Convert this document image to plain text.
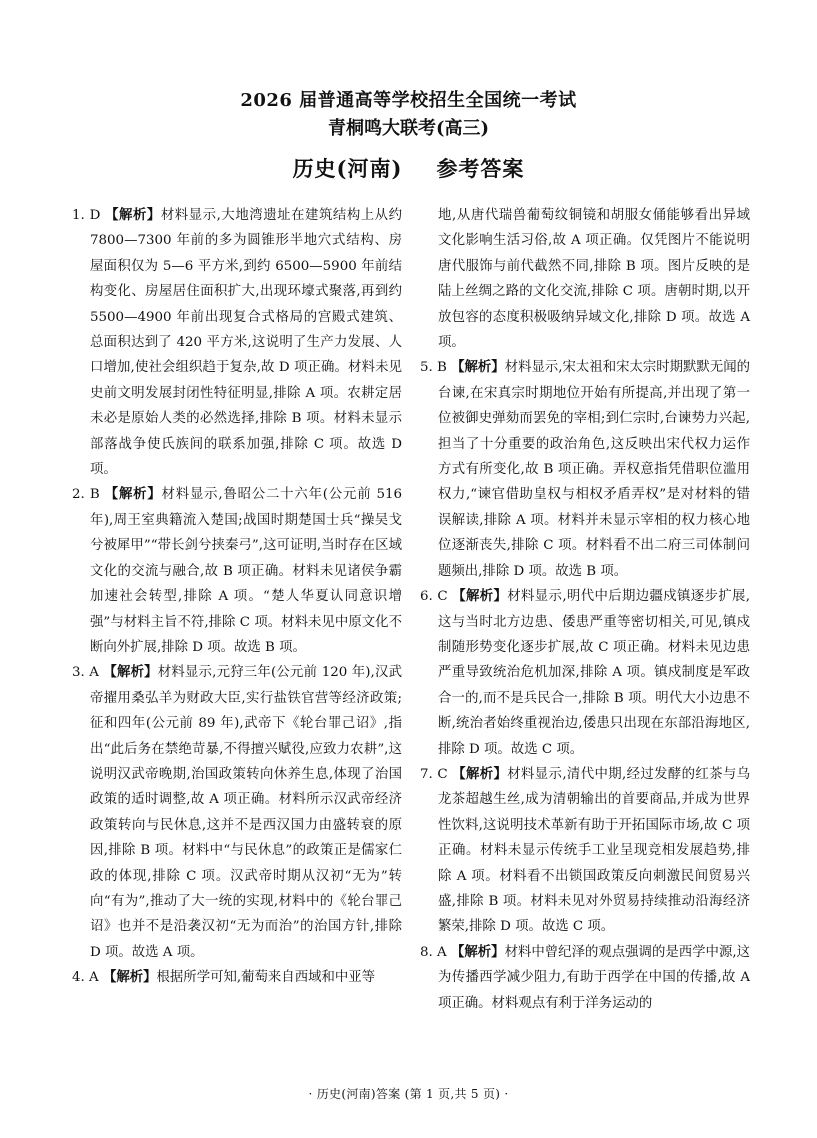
2026 届普通高等学校招生全国统一考试
青桐鸣大联考(高三)
历史(河南) 参考答案

1. D 【解析】材料显示,大地湾遗址在建筑结构上从约 7800—7300 年前的多为圆锥形半地穴式结构、房屋面积仅为 5—6 平方米,到约 6500—5900 年前结构变化、房屋居住面积扩大,出现环壕式聚落,再到约 5500—4900 年前出现复合式格局的宫殿式建筑、总面积达到了 420 平方米,这说明了生产力发展、人口增加,使社会组织趋于复杂,故 D 项正确。材料未见史前文明发展封闭性特征明显,排除 A 项。农耕定居未必是原始人类的必然选择,排除 B 项。材料未显示部落战争使氏族间的联系加强,排除 C 项。故选 D 项。

2. B 【解析】材料显示,鲁昭公二十六年(公元前 516 年),周王室典籍流入楚国;战国时期楚国士兵“操吴戈兮被犀甲”“带长剑兮挟秦弓”,这可证明,当时存在区域文化的交流与融合,故 B 项正确。材料未见诸侯争霸加速社会转型,排除 A 项。“楚人华夏认同意识增强”与材料主旨不符,排除 C 项。材料未见中原文化不断向外扩展,排除 D 项。故选 B 项。

3. A 【解析】材料显示,元狩三年(公元前 120 年),汉武帝擢用桑弘羊为财政大臣,实行盐铁官营等经济政策;征和四年(公元前 89 年),武帝下《轮台罪己诏》,指出“此后务在禁绝苛暴,不得擅兴赋役,应致力农耕”,这说明汉武帝晚期,治国政策转向休养生息,体现了治国政策的适时调整,故 A 项正确。材料所示汉武帝经济政策转向与民休息,这并不是西汉国力由盛转衰的原因,排除 B 项。材料中“与民休息”的政策正是儒家仁政的体现,排除 C 项。汉武帝时期从汉初“无为”转向“有为”,推动了大一统的实现,材料中的《轮台罪己诏》也并不是沿袭汉初“无为而治”的治国方针,排除 D 项。故选 A 项。

4. A 【解析】根据所学可知,葡萄来自西域和中亚等

地,从唐代瑞兽葡萄纹铜镜和胡服女俑能够看出异域文化影响生活习俗,故 A 项正确。仅凭图片不能说明唐代服饰与前代截然不同,排除 B 项。图片反映的是陆上丝绸之路的文化交流,排除 C 项。唐朝时期,以开放包容的态度积极吸纳异域文化,排除 D 项。故选 A 项。

5. B 【解析】材料显示,宋太祖和宋太宗时期默默无闻的台谏,在宋真宗时期地位开始有所提高,并出现了第一位被御史弹劾而罢免的宰相;到仁宗时,台谏势力兴起,担当了十分重要的政治角色,这反映出宋代权力运作方式有所变化,故 B 项正确。弄权意指凭借职位滥用权力,“谏官借助皇权与相权矛盾弄权”是对材料的错误解读,排除 A 项。材料并未显示宰相的权力核心地位逐渐丧失,排除 C 项。材料看不出二府三司体制问题频出,排除 D 项。故选 B 项。

6. C 【解析】材料显示,明代中后期边疆戍镇逐步扩展,这与当时北方边患、倭患严重等密切相关,可见,镇戍制随形势变化逐步扩展,故 C 项正确。材料未见边患严重导致统治危机加深,排除 A 项。镇戍制度是军政合一的,而不是兵民合一,排除 B 项。明代大小边患不断,统治者始终重视治边,倭患只出现在东部沿海地区,排除 D 项。故选 C 项。

7. C 【解析】材料显示,清代中期,经过发酵的红茶与乌龙茶超越生丝,成为清朝输出的首要商品,并成为世界性饮料,这说明技术革新有助于开拓国际市场,故 C 项正确。材料未显示传统手工业呈现竞相发展趋势,排除 A 项。材料看不出锁国政策反向刺激民间贸易兴盛,排除 B 项。材料未见对外贸易持续推动沿海经济繁荣,排除 D 项。故选 C 项。

8. A 【解析】材料中曾纪泽的观点强调的是西学中源,这为传播西学减少阻力,有助于西学在中国的传播,故 A 项正确。材料观点有利于洋务运动的

· 历史(河南)答案 (第 1 页,共 5 页) ·
